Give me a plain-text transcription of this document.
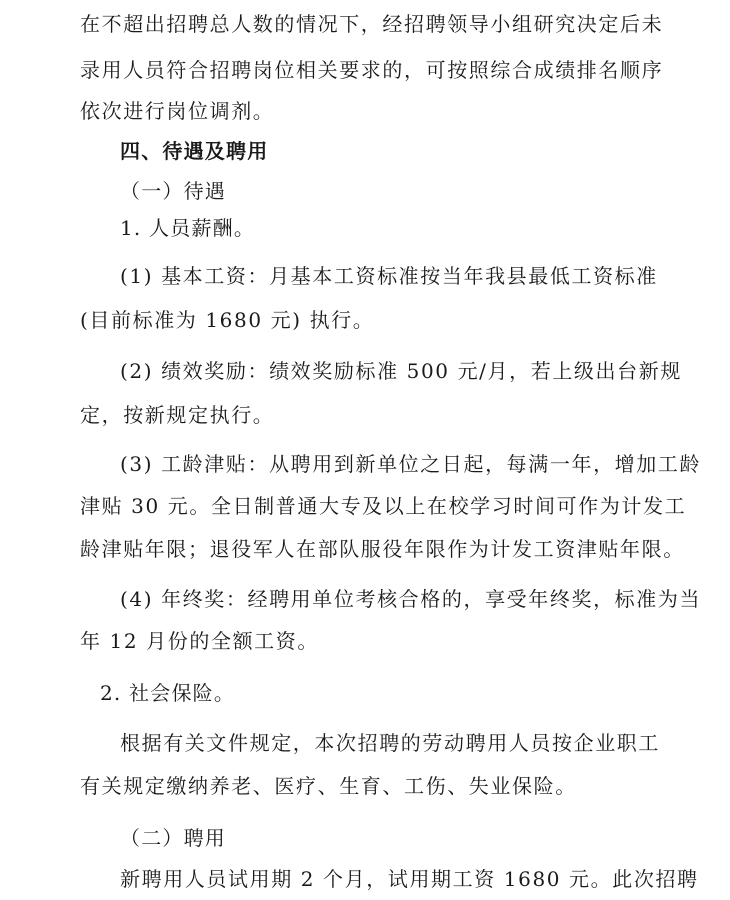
在不超出招聘总人数的情况下，经招聘领导小组研究决定后未
录用人员符合招聘岗位相关要求的，可按照综合成绩排名顺序
依次进行岗位调剂。
四、待遇及聘用
（一）待遇
1. 人员薪酬。
(1) 基本工资：月基本工资标准按当年我县最低工资标准
(目前标准为 1680 元) 执行。
(2) 绩效奖励：绩效奖励标准 500 元/月，若上级出台新规
定，按新规定执行。
(3) 工龄津贴：从聘用到新单位之日起，每满一年，增加工龄
津贴 30 元。全日制普通大专及以上在校学习时间可作为计发工
龄津贴年限；退役军人在部队服役年限作为计发工资津贴年限。
(4) 年终奖：经聘用单位考核合格的，享受年终奖，标准为当
年 12 月份的全额工资。
2. 社会保险。
根据有关文件规定，本次招聘的劳动聘用人员按企业职工
有关规定缴纳养老、医疗、生育、工伤、失业保险。
（二）聘用
新聘用人员试用期 2 个月，试用期工资 1680 元。此次招聘
